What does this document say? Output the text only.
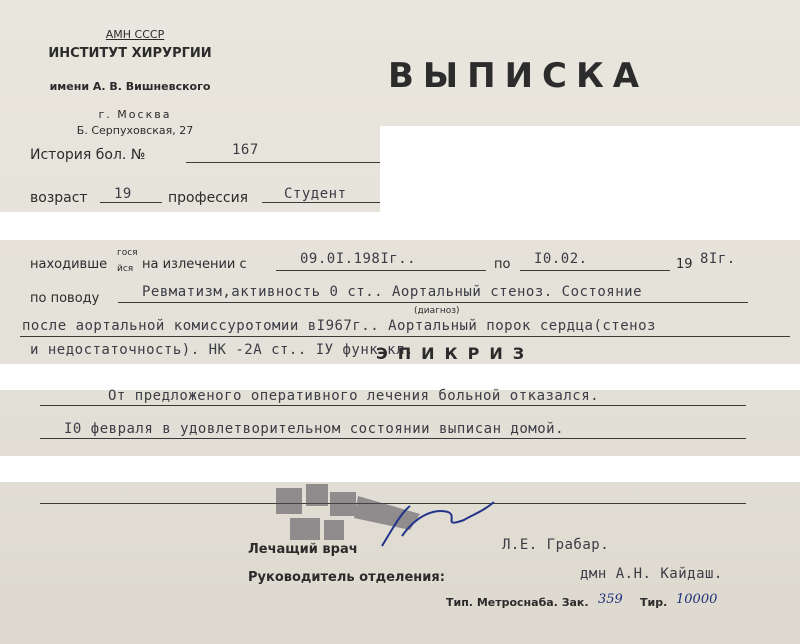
АМН СССР
ИНСТИТУТ ХИРУРГИИ
имени А. В. Вишневского
г. Москва
Б. Серпуховская, 27
ВЫПИСКА
История бол. №	167
возраст 19	профессия	Студент
находивше
гося
йся на излечении с	09.0I.198Iг..	по I0.02.	19 8Iг.
по поводу	Ревматизм,активность 0 ст.. Аортальный стеноз. Состояние
(диагноз)
после аортальной комиссуротомии вI967г.. Аортальный порок сердца(стеноз
и недостаточность). НК -2А ст.. IУ функ.кл.
ЭПИКРИЗ
От предложеного оперативного лечения больной отказался.
I0 февраля в удовлетворительном состоянии выписан домой.
Лечащий врач	Л.Е. Грабар.
Руководитель отделения:	дмн А.Н. Кайдаш.
Тип. Метроснаба. Зак. 359 Тир. 10000
